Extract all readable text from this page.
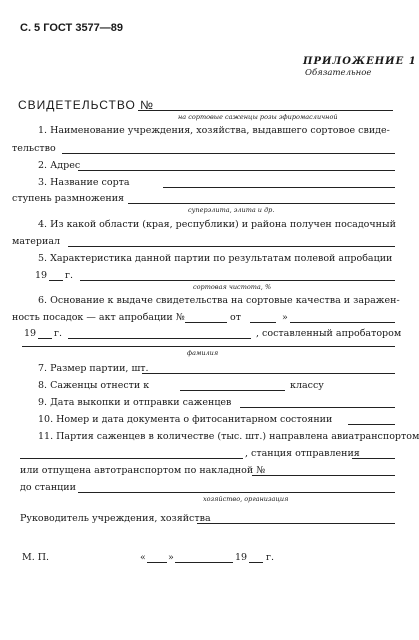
С. 5 ГОСТ 3577—89
ПРИЛОЖЕНИЕ 1
Обязательное
СВИДЕТЕЛЬСТВО №
на сортовые саженцы розы эфиромасличной
1. Наименование учреждения, хозяйства, выдавшего сортовое свиде-
тельство
2. Адрес
3. Название сорта
ступень размножения
суперэлита, элита и др.
4. Из какой области (края, республики) и района получен посадочный
материал
5. Характеристика данной партии по результатам полевой апробации
19 г.
сортовая чистота, %
6. Основание к выдаче свидетельства на сортовые качества и заражен-
ность посадок — акт апробации №	от	»
19 г.	, составленный апробатором
фамилия
7. Размер партии, шт.
8. Саженцы отнести к	классу
9. Дата выкопки и отправки саженцев
10. Номер и дата документа о фитосанитарном состоянии
11. Партия саженцев в количестве (тыс. шт.) направлена авиатранспортом
, станция отправления
или отпущена автотранспортом по накладной №
до станции
хозяйство, организация
Руководитель учреждения, хозяйства
М. П.	« »	19 г.
